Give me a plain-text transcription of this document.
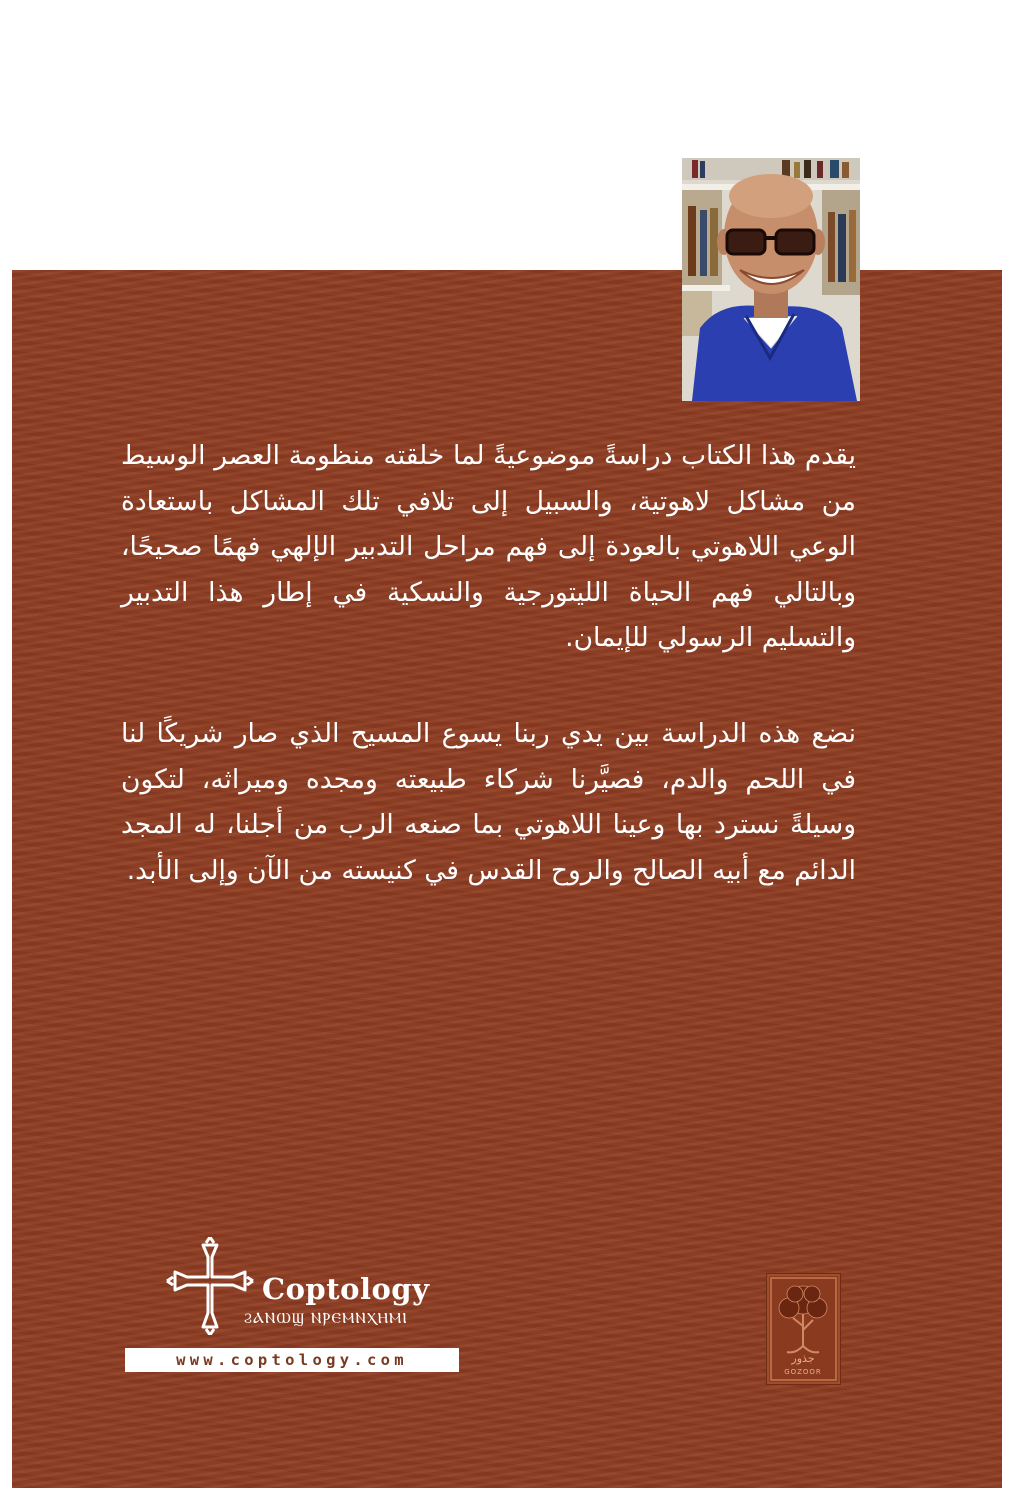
يقدم هذا الكتاب دراسةً موضوعيةً لما خلقته منظومة العصر الوسيط من مشاكل لاهوتية، والسبيل إلى تلافي تلك المشاكل باستعادة الوعي اللاهوتي بالعودة إلى فهم مراحل التدبير الإلهي فهمًا صحيحًا، وبالتالي فهم الحياة الليتورجية والنسكية في إطار هذا التدبير والتسليم الرسولي للإيمان.

نضع هذه الدراسة بين يدي ربنا يسوع المسيح الذي صار شريكًا لنا في اللحم والدم، فصيَّرنا شركاء طبيعته ومجده وميراثه، لتكون وسيلةً نسترد بها وعينا اللاهوتي بما صنعه الرب من أجلنا، له المجد الدائم مع أبيه الصالح والروح القدس في كنيسته من الآن وإلى الأبد.

Coptology
ϨⲀⲚⲰϢ ⲚⲢⲈⲘⲚⲬⲎⲘⲒ
www.coptology.com	جذور
GOZOOR
